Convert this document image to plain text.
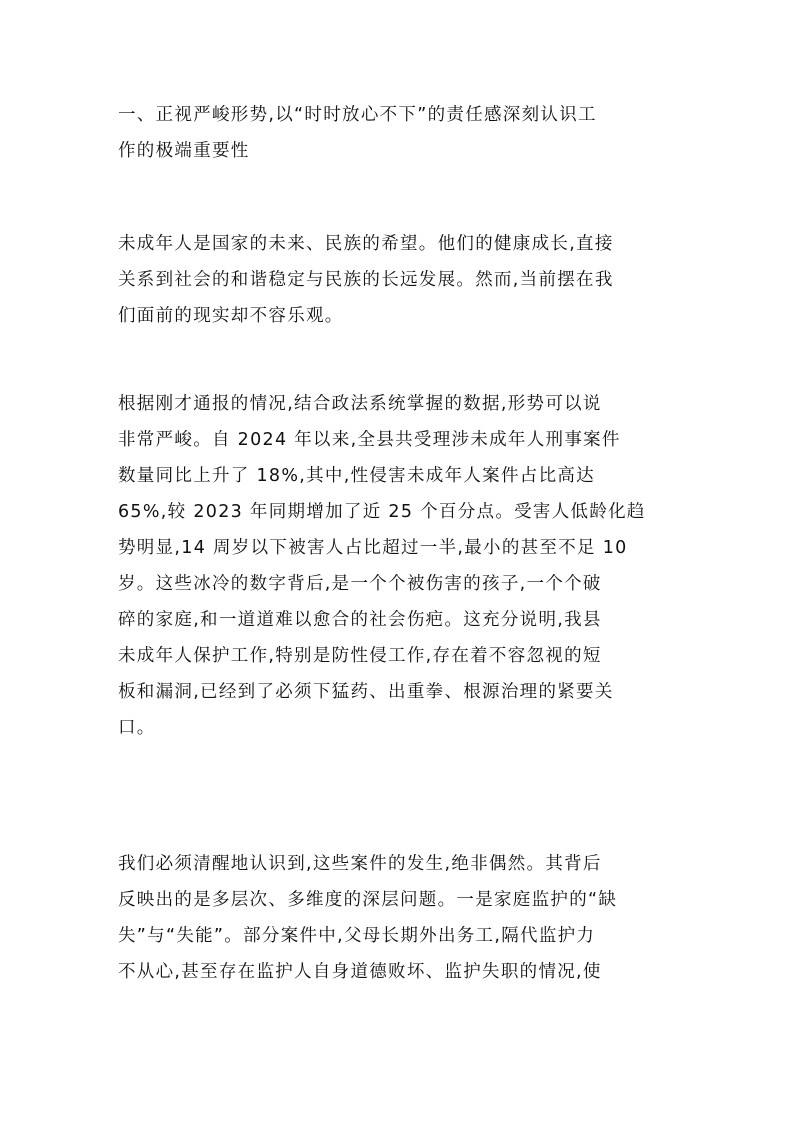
一、正视严峻形势,以“时时放心不下”的责任感深刻认识工
作的极端重要性
未成年人是国家的未来、民族的希望。他们的健康成长,直接
关系到社会的和谐稳定与民族的长远发展。然而,当前摆在我
们面前的现实却不容乐观。
根据刚才通报的情况,结合政法系统掌握的数据,形势可以说
非常严峻。自 2024 年以来,全县共受理涉未成年人刑事案件
数量同比上升了 18%,其中,性侵害未成年人案件占比高达
65%,较 2023 年同期增加了近 25 个百分点。受害人低龄化趋
势明显,14 周岁以下被害人占比超过一半,最小的甚至不足 10
岁。这些冰冷的数字背后,是一个个被伤害的孩子,一个个破
碎的家庭,和一道道难以愈合的社会伤疤。这充分说明,我县
未成年人保护工作,特别是防性侵工作,存在着不容忽视的短
板和漏洞,已经到了必须下猛药、出重拳、根源治理的紧要关
口。
我们必须清醒地认识到,这些案件的发生,绝非偶然。其背后
反映出的是多层次、多维度的深层问题。一是家庭监护的“缺
失”与“失能”。部分案件中,父母长期外出务工,隔代监护力
不从心,甚至存在监护人自身道德败坏、监护失职的情况,使
